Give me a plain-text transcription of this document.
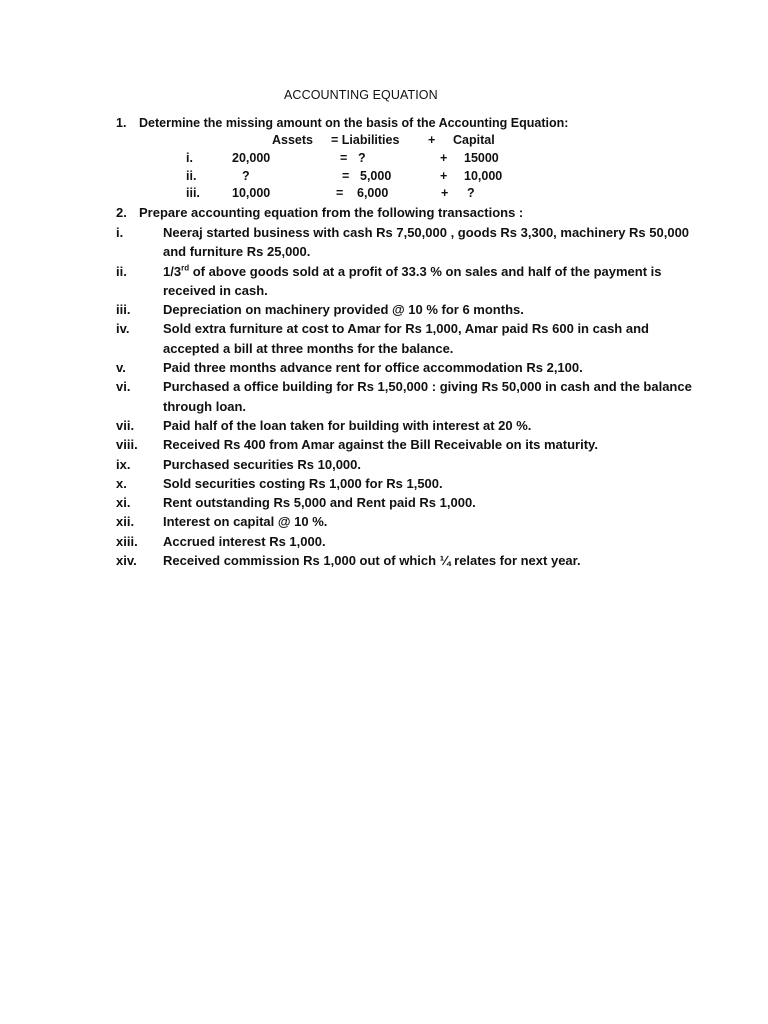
ACCOUNTING EQUATION
1. Determine the missing amount on the basis of the Accounting Equation:
Assets = Liabilities + Capital
i.	20,000	= ?	+ 15000
ii.	?	= 5,000	+ 10,000
iii.	10,000	= 6,000	+ ?
2. Prepare accounting equation from the following transactions :
i.	Neeraj started business with cash Rs 7,50,000 , goods Rs 3,300, machinery Rs 50,000 and furniture Rs 25,000.
ii.	1/3rd of above goods sold at a profit of 33.3 % on sales and half of the payment is received in cash.
iii.	Depreciation on machinery provided @ 10 % for 6 months.
iv.	Sold extra furniture at cost to Amar for Rs 1,000, Amar paid Rs 600 in cash and accepted a bill at three months for the balance.
v.	Paid three months advance rent for office accommodation Rs 2,100.
vi.	Purchased a office building for Rs 1,50,000 : giving Rs 50,000 in cash and the balance through loan.
vii. Paid half of the loan taken for building with interest at 20 %.
viii. Received Rs 400 from Amar against the Bill Receivable on its maturity.
ix.	Purchased securities Rs 10,000.
x.	Sold securities costing Rs 1,000 for Rs 1,500.
xi.	Rent outstanding Rs 5,000 and Rent paid Rs 1,000.
xii. Interest on capital @ 10 %.
xiii. Accrued interest Rs 1,000.
xiv. Received commission Rs 1,000 out of which ¼ relates for next year.
